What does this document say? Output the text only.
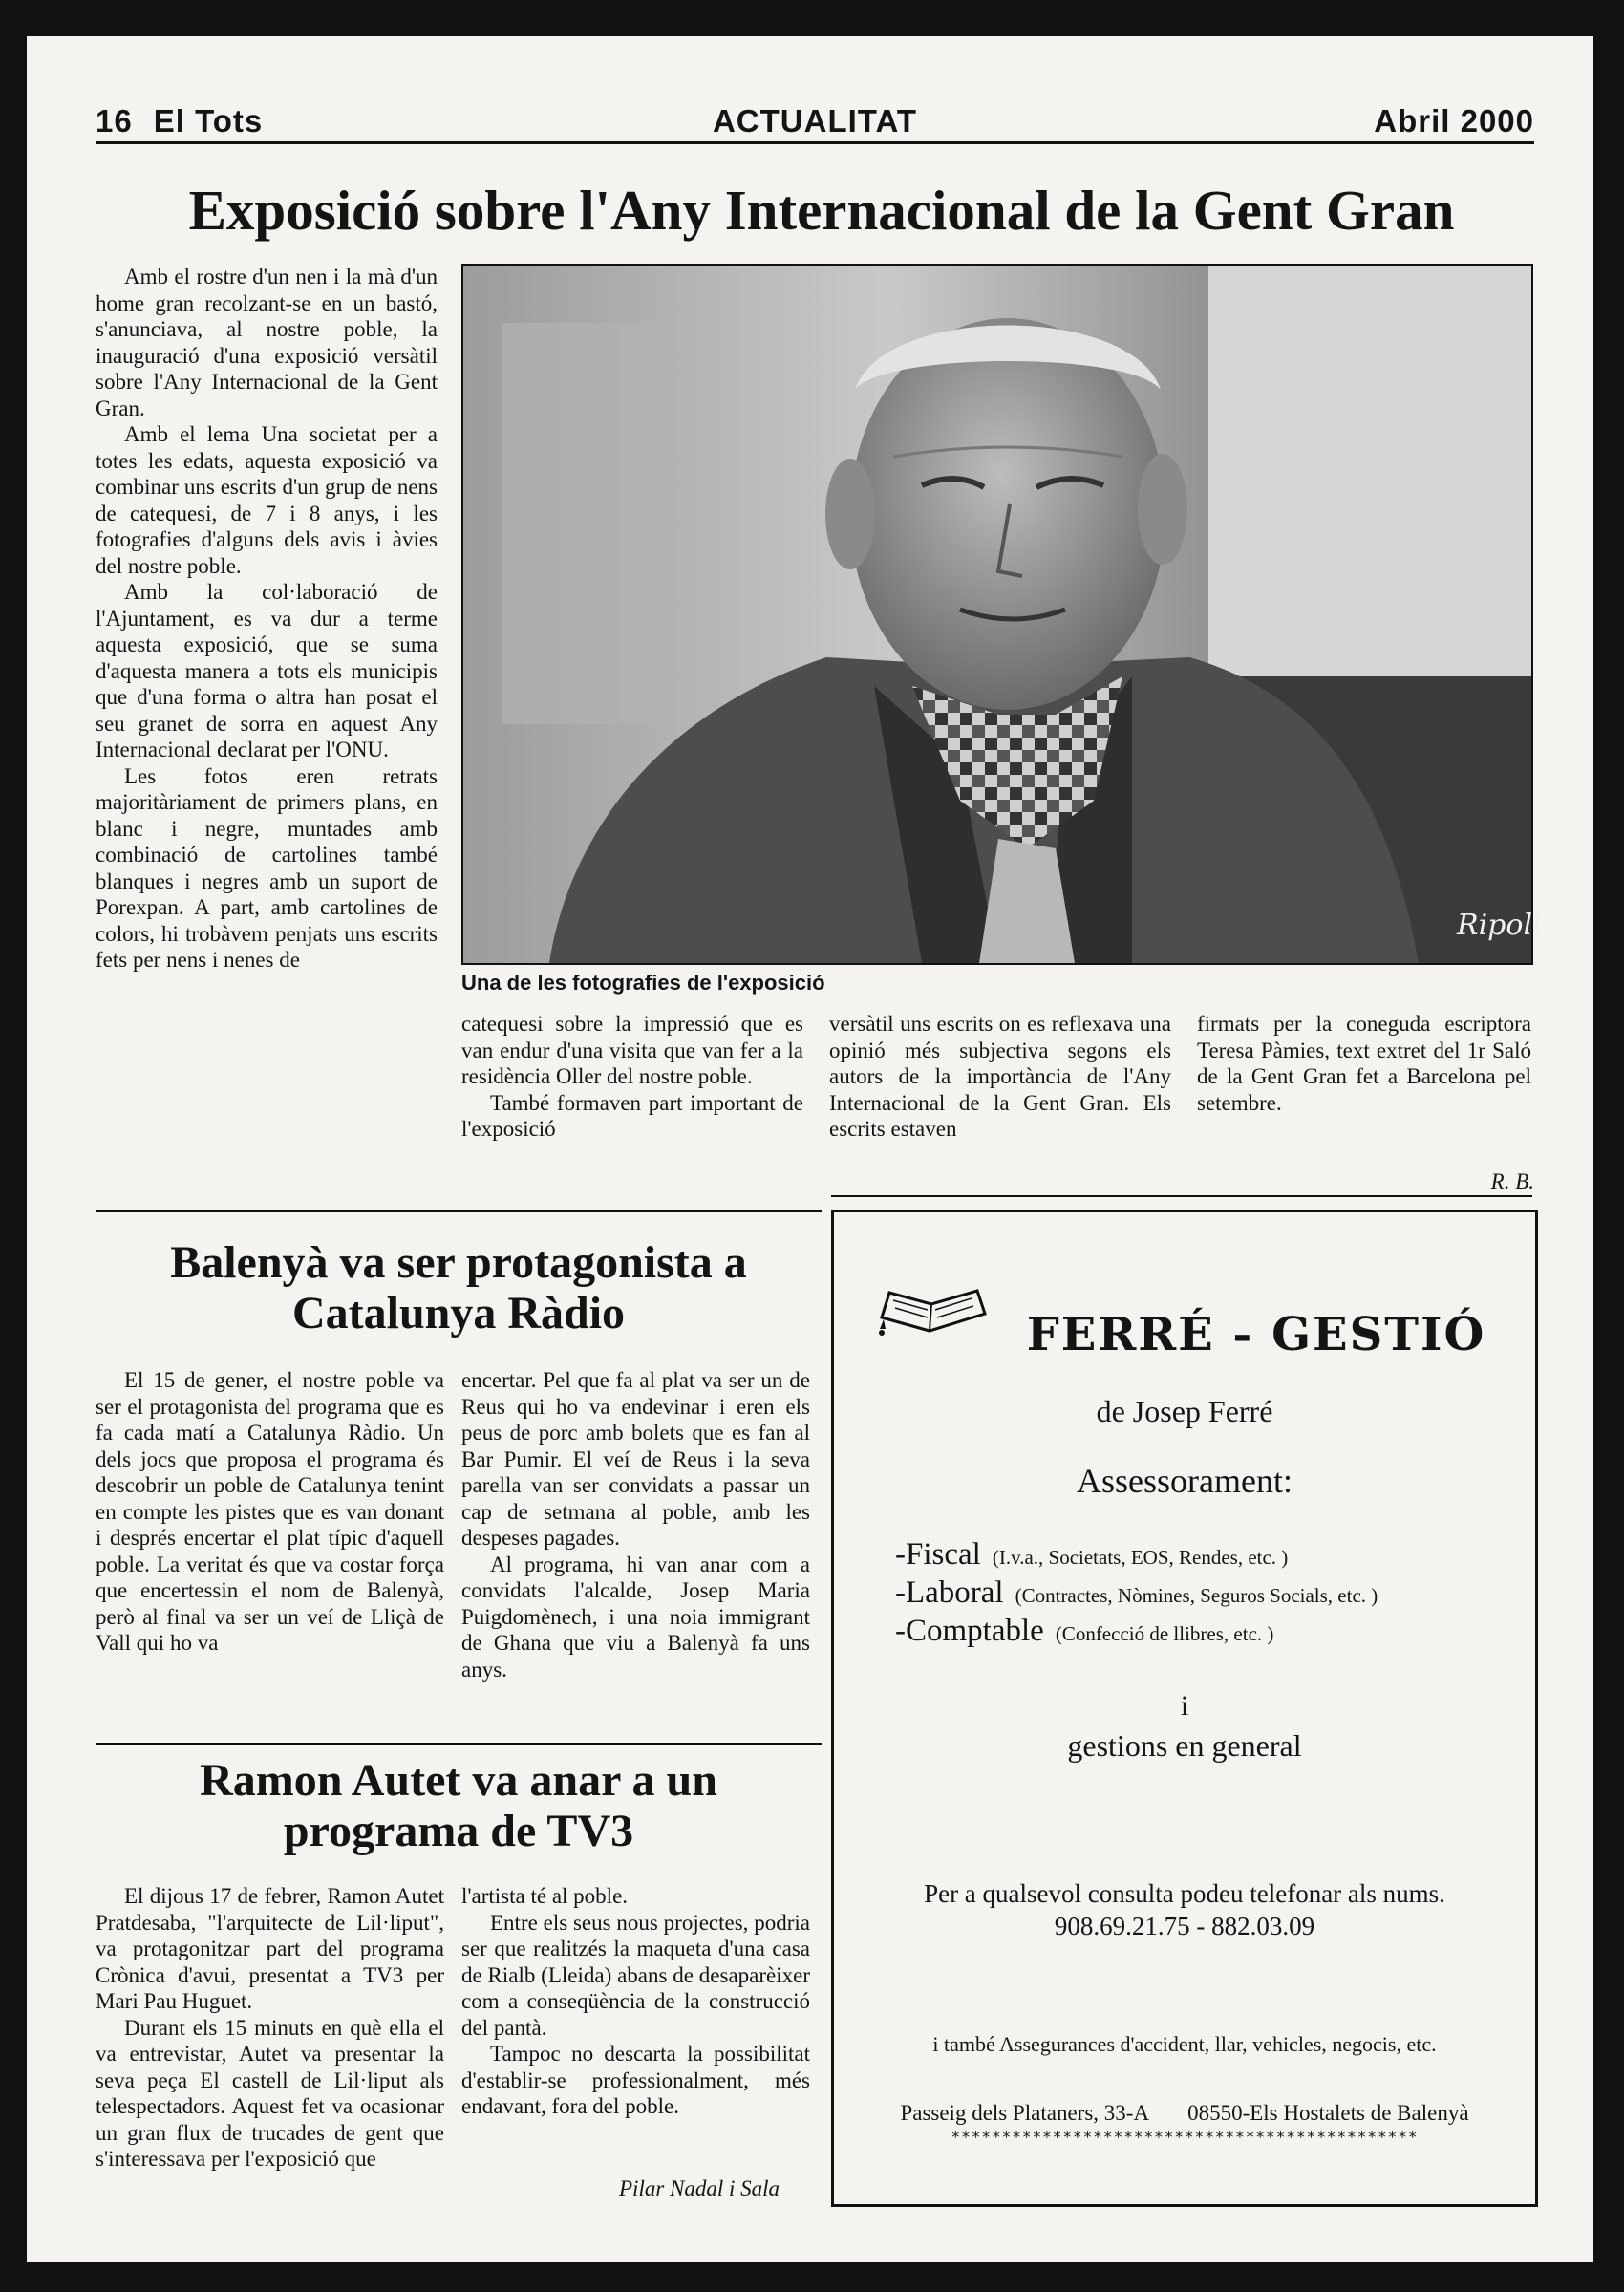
16 El Tots	ACTUALITAT	Abril 2000
Exposició sobre l'Any Internacional de la Gent Gran

Amb el rostre d'un nen i la mà d'un home gran recolzant-se en un bastó, s'anunciava, al nostre poble, la inauguració d'una exposició versàtil sobre l'Any Internacional de la Gent Gran.

Amb el lema Una societat per a totes les edats, aquesta exposició va combinar uns escrits d'un grup de nens de catequesi, de 7 i 8 anys, i les fotografies d'alguns dels avis i àvies del nostre poble.

Amb la col·laboració de l'Ajuntament, es va dur a terme aquesta exposició, que se suma d'aquesta manera a tots els municipis que d'una forma o altra han posat el seu granet de sorra en aquest Any Internacional declarat per l'ONU.

Les fotos eren retrats majoritàriament de primers plans, en blanc i negre, muntades amb combinació de cartolines també blanques i negres amb un suport de Porexpan. A part, amb cartolines de colors, hi trobàvem penjats uns escrits fets per nens i nenes de

Ripoll
Una de les fotografies de l'exposició

catequesi sobre la impressió que es van endur d'una visita que van fer a la residència Oller del nostre poble.

També formaven part important de l'exposició

versàtil uns escrits on es reflexava una opinió més subjectiva segons els autors de la importància de l'Any Internacional de la Gent Gran. Els escrits estaven

firmats per la coneguda escriptora Teresa Pàmies, text extret del 1r Saló de la Gent Gran fet a Barcelona pel setembre.

R. B.
Balenyà va ser protagonista a
Catalunya Ràdio

El 15 de gener, el nostre poble va ser el protagonista del programa que es fa cada matí a Catalunya Ràdio. Un dels jocs que proposa el programa és descobrir un poble de Catalunya tenint en compte les pistes que es van donant i després encertar el plat típic d'aquell poble. La veritat és que va costar força que encertessin el nom de Balenyà, però al final va ser un veí de Lliçà de Vall qui ho va

encertar. Pel que fa al plat va ser un de Reus qui ho va endevinar i eren els peus de porc amb bolets que es fan al Bar Pumir. El veí de Reus i la seva parella van ser convidats a passar un cap de setmana al poble, amb les despeses pagades.

Al programa, hi van anar com a convidats l'alcalde, Josep Maria Puigdomènech, i una noia immigrant de Ghana que viu a Balenyà fa uns anys.

Ramon Autet va anar a un
programa de TV3

El dijous 17 de febrer, Ramon Autet Pratdesaba, "l'arquitecte de Lil·liput", va protagonitzar part del programa Crònica d'avui, presentat a TV3 per Mari Pau Huguet.

Durant els 15 minuts en què ella el va entrevistar, Autet va presentar la seva peça El castell de Lil·liput als telespectadors. Aquest fet va ocasionar un gran flux de trucades de gent que s'interessava per l'exposició que

l'artista té al poble.

Entre els seus nous projectes, podria ser que realitzés la maqueta d'una casa de Rialb (Lleida) abans de desaparèixer com a conseqüència de la construcció del pantà.

Tampoc no descarta la possibilitat d'establir-se professionalment, més endavant, fora del poble.

Pilar Nadal i Sala
FERRÉ - GESTIÓ
de Josep Ferré
Assessorament:
-Fiscal (I.v.a., Societats, EOS, Rendes, etc. )
-Laboral (Contractes, Nòmines, Seguros Socials, etc. )
-Comptable (Confecció de llibres, etc. )
i
gestions en general
Per a qualsevol consulta podeu telefonar als nums.
908.69.21.75 - 882.03.09
i també Assegurances d'accident, llar, vehicles, negocis, etc.
Passeig dels Plataners, 33-A 08550-Els Hostalets de Balenyà
**********************************************
